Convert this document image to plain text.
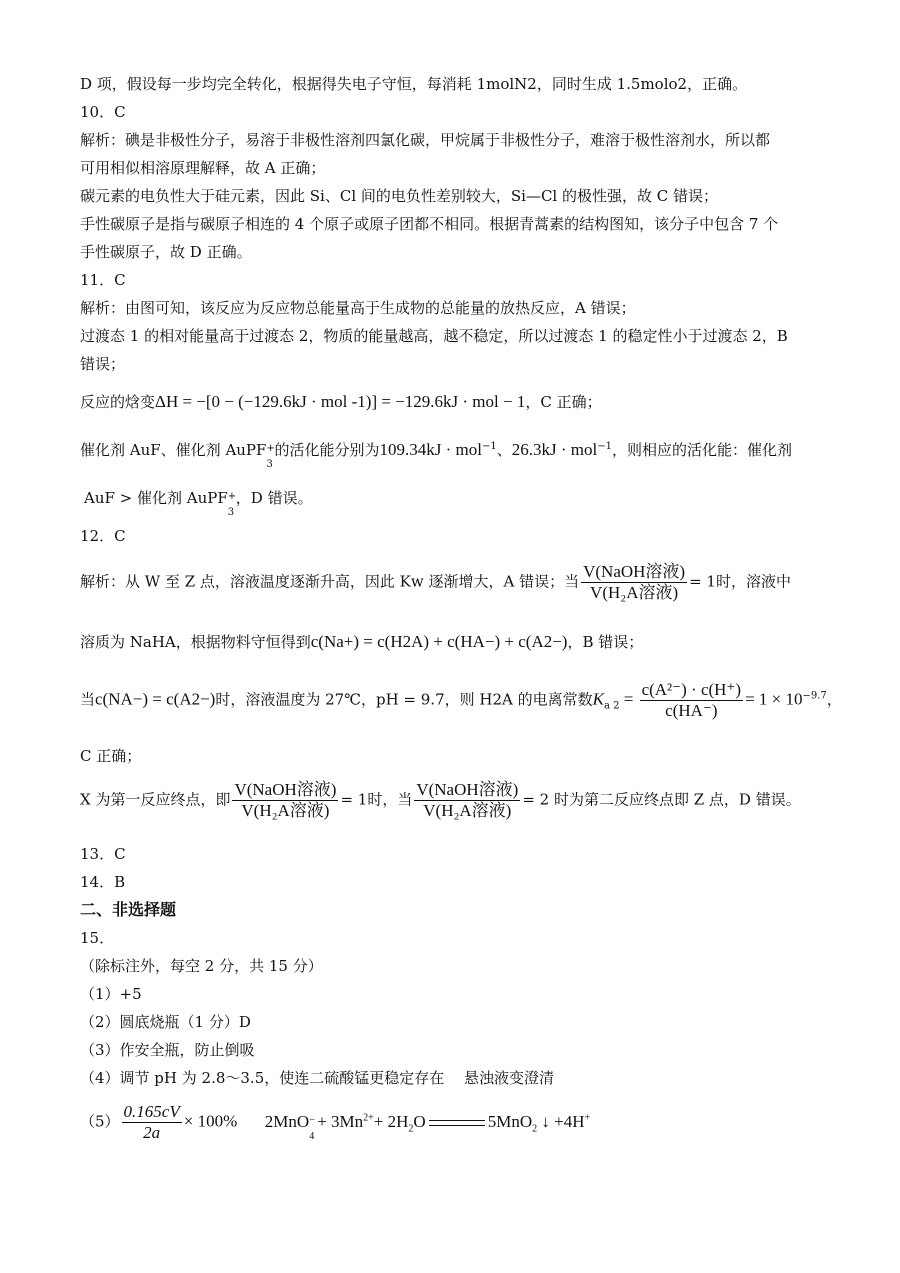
D 项，假设每一步均完全转化，根据得失电子守恒，每消耗 1molN2，同时生成 1.5molo2，正确。
10．C
解析：碘是非极性分子，易溶于非极性溶剂四氯化碳，甲烷属于非极性分子，难溶于极性溶剂水，所以都
可用相似相溶原理解释，故 A 正确；
碳元素的电负性大于硅元素，因此 Si、Cl 间的电负性差别较大，Si—Cl 的极性强，故 C 错误；
手性碳原子是指与碳原子相连的 4 个原子或原子团都不相同。根据青蒿素的结构图知，该分子中包含 7 个
手性碳原子，故 D 正确。
11．C
解析：由图可知，该反应为反应物总能量高于生成物的总能量的放热反应，A 错误；
过渡态 1 的相对能量高于过渡态 2，物质的能量越高，越不稳定，所以过渡态 1 的稳定性小于过渡态 2，B
错误；
反应的焓变ΔH = −[0 − (−129.6kJ · mol -1)] = −129.6kJ · mol − 1，C 正确；
催化剂 AuF、催化剂 AuPF +
3
的活化能分别为109.34kJ · mol$^{-1}$、26.3kJ · mol$^{-1}$，则相应的活化能：催化剂
AuF > 催化剂 AuPF +
3
，D 错误。
12．C
解析：从 W 至 Z 点，溶液温度逐渐升高，因此 Kw 逐渐增大，A 错误；当 $\frac{\text{V(NaOH溶液)}}{\text{V(H₂A溶液)}} = 1$时，溶液中
溶质为 NaHA，根据物料守恒得到c(Na+) = c(H2A) + c(HA−) + c(A2−)，B 错误；
当c(NA−) = c(A2−)时，溶液温度为 27℃，pH = 9.7，则 H2A 的电离常数$K_{a 2} = \frac{\text{c(A²⁻) · c(H⁺)}}{c(HA^-)} = 1 \times 10^{-9.7}$，
C 正确；
X 为第一反应终点，即 $\frac{\text{V(NaOH溶液)}}{\text{V(H₂A溶液)}} = 1$时，当 $\frac{\text{V(NaOH溶液)}}{\text{V(H₂A溶液)}} = 2$ 时为第二反应终点即 Z 点，D 错误。
13．C
14．B
二、非选择题
15．
（除标注外，每空 2 分，共 15 分）
（1）+5
（2）圆底烧瓶（1 分）D
（3）作安全瓶，防止倒吸
（4）调节 pH 为 2.8～3.5，使连二硫酸锰更稳定存在　 悬浊液变澄清
$(5) \frac{0.165cV}{2a} \times 100\%$ 2MnO −
4
+ $3Mn^{2+}+ 2H_2O$	5MnO$_2$ ↓ +4H+
